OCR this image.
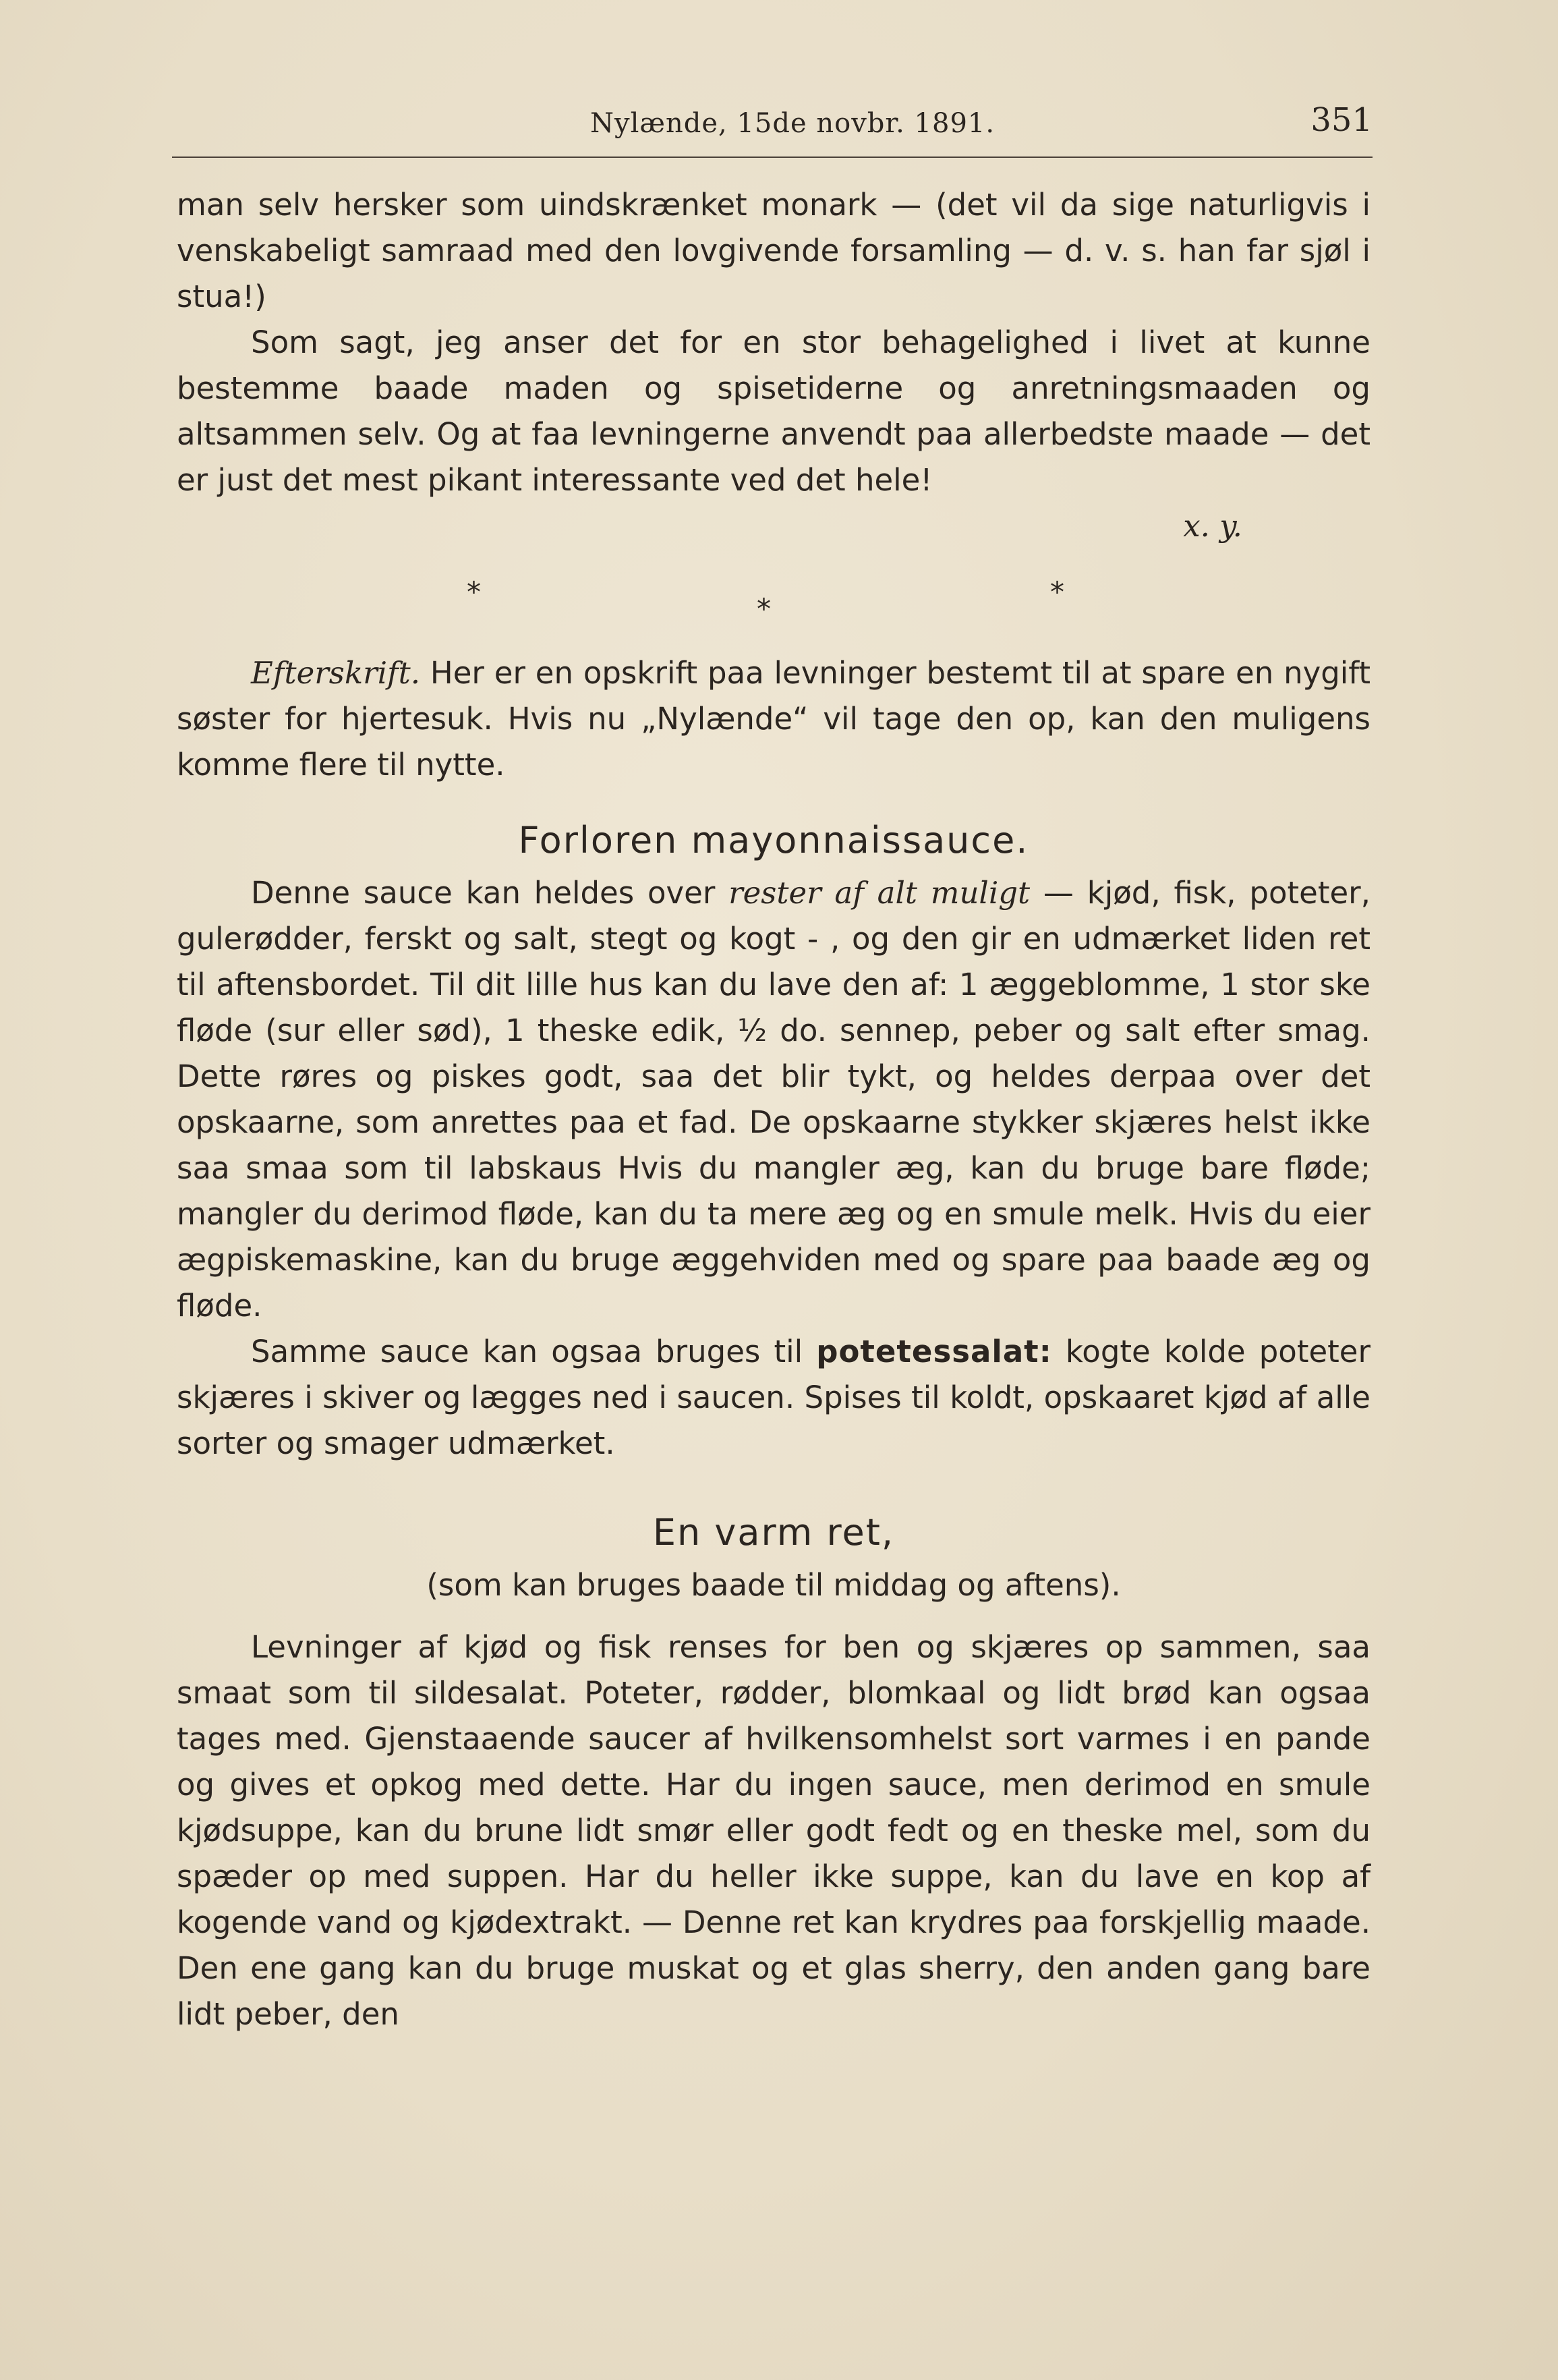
Nylænde, 15de novbr. 1891.	351

man selv hersker som uindskrænket monark — (det vil da sige naturligvis i venskabeligt samraad med den lovgivende forsamling — d. v. s. han far sjøl i stua!)

Som sagt, jeg anser det for en stor behagelighed i livet at kunne bestemme baade maden og spisetiderne og anretningsmaaden og altsammen selv. Og at faa levningerne anvendt paa allerbedste maade — det er just det mest pikant interessante ved det hele!

x. y.
*
*
*

Efterskrift. Her er en opskrift paa levninger bestemt til at spare en nygift søster for hjertesuk. Hvis nu „Nylænde“ vil tage den op, kan den muligens komme flere til nytte.

Forloren mayonnaissauce.

Denne sauce kan heldes over rester af alt muligt — kjød, fisk, poteter, gulerødder, ferskt og salt, stegt og kogt - , og den gir en udmærket liden ret til aftensbordet. Til dit lille hus kan du lave den af: 1 æggeblomme, 1 stor ske fløde (sur eller sød), 1 theske edik, ½ do. sennep, peber og salt efter smag. Dette røres og piskes godt, saa det blir tykt, og heldes derpaa over det opskaarne, som anrettes paa et fad. De opskaarne stykker skjæres helst ikke saa smaa som til labskaus Hvis du mangler æg, kan du bruge bare fløde; mangler du derimod fløde, kan du ta mere æg og en smule melk. Hvis du eier ægpiskemaskine, kan du bruge æggehviden med og spare paa baade æg og fløde.

Samme sauce kan ogsaa bruges til potetessalat: kogte kolde poteter skjæres i skiver og lægges ned i saucen. Spises til koldt, opskaaret kjød af alle sorter og smager udmærket.

En varm ret,
(som kan bruges baade til middag og aftens).

Levninger af kjød og fisk renses for ben og skjæres op sammen, saa smaat som til sildesalat. Poteter, rødder, blomkaal og lidt brød kan ogsaa tages med. Gjenstaaende saucer af hvilkensomhelst sort varmes i en pande og gives et opkog med dette. Har du ingen sauce, men derimod en smule kjødsuppe, kan du brune lidt smør eller godt fedt og en theske mel, som du spæder op med suppen. Har du heller ikke suppe, kan du lave en kop af kogende vand og kjødextrakt. — Denne ret kan krydres paa forskjellig maade. Den ene gang kan du bruge muskat og et glas sherry, den anden gang bare lidt peber, den
